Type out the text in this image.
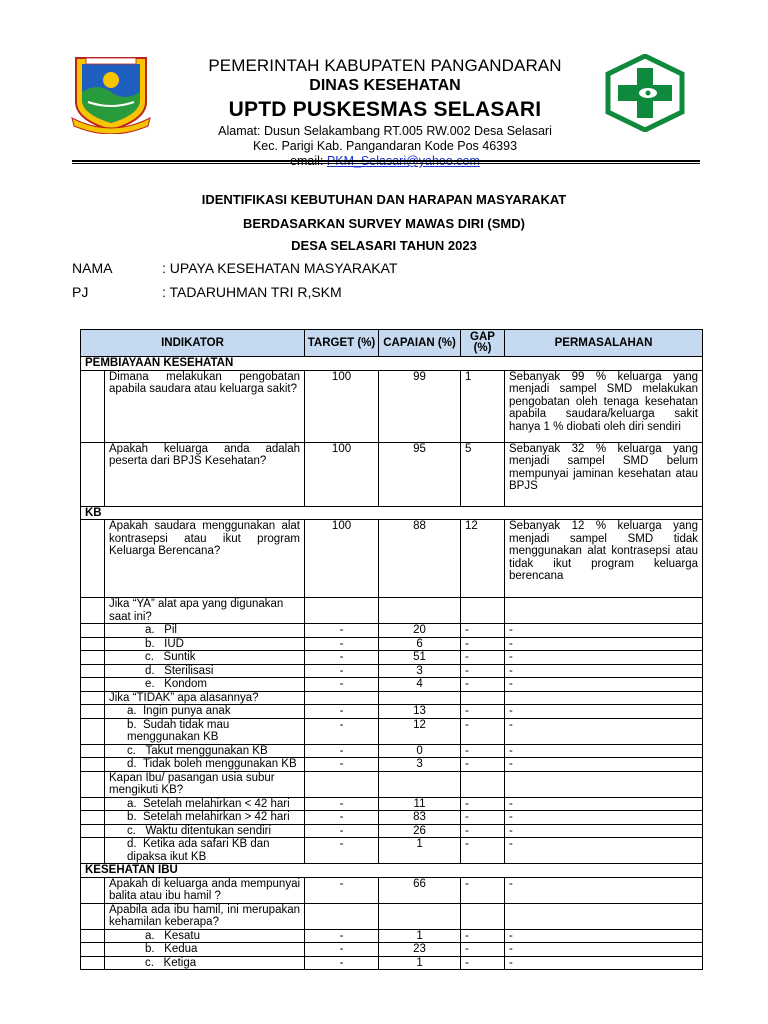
PEMERINTAH KABUPATEN PANGANDARAN
DINAS KESEHATAN
UPTD PUSKESMAS SELASARI
Alamat: Dusun Selakambang RT.005 RW.002 Desa Selasari
Kec. Parigi Kab. Pangandaran Kode Pos 46393
IDENTIFIKASI KEBUTUHAN DAN HARAPAN MASYARAKAT
BERDASARKAN SURVEY MAWAS DIRI (SMD)
DESA SELASARI TAHUN 2023
NAMA	: UPAYA KESEHATAN MASYARAKAT
PJ	: TADARUHMAN TRI R,SKM
INDIKATOR		TARGET (%)	CAPAIAN (%)	GAP (%)	PERMASALAHAN
PEMBIAYAAN KESEHATAN					
	Dimana melakukan pengobatan apabila saudara atau keluarga sakit?	100	99	1	Sebanyak 99 % keluarga yang menjadi sampel SMD melakukan pengobatan oleh tenaga kesehatan apabila saudara/keluarga sakit hanya 1 % diobati oleh diri sendiri
	Apakah keluarga anda adalah peserta dari BPJS Kesehatan?	100	95	5	Sebanyak 32 % keluarga yang menjadi sampel SMD belum mempunyai jaminan kesehatan atau BPJS
KB					
	Apakah saudara menggunakan alat kontrasepsi atau ikut program Keluarga Berencana?	100	88	12	Sebanyak 12 % keluarga yang menjadi sampel SMD tidak menggunakan alat kontrasepsi atau tidak ikut program keluarga berencana
	Jika “YA” alat apa yang digunakan saat ini?				
	a.   Pil	-	20	-	-
	b.   IUD	-	6	-	-
	c.   Suntik	-	51	-	-
	d.   Sterilisasi	-	3	-	-
	e.   Kondom	-	4	-	-
	Jika “TIDAK” apa alasannya?				
	a.  Ingin punya anak	-	13	-	-
	b.  Sudah tidak mau menggunakan KB	-	12	-	-
	c.   Takut menggunakan KB	-	0	-	-
	d.  Tidak boleh menggunakan KB	-	3	-	-
	Kapan Ibu/ pasangan usia subur mengikuti KB?				
	a.  Setelah melahirkan < 42 hari	-	11	-	-
	b.  Setelah melahirkan > 42 hari	-	83	-	-
	c.   Waktu ditentukan sendiri	-	26	-	-
	d.  Ketika ada safari KB dan dipaksa ikut KB	-	1	-	-
KESEHATAN IBU					
	Apakah di keluarga anda mempunyai balita atau ibu hamil ?	-	66	-	-
	Apabila ada ibu hamil, ini merupakan kehamilan keberapa?				
	a.   Kesatu	-	1	-	-
	b.   Kedua	-	23	-	-
	c.   Ketiga	-	1	-	-
